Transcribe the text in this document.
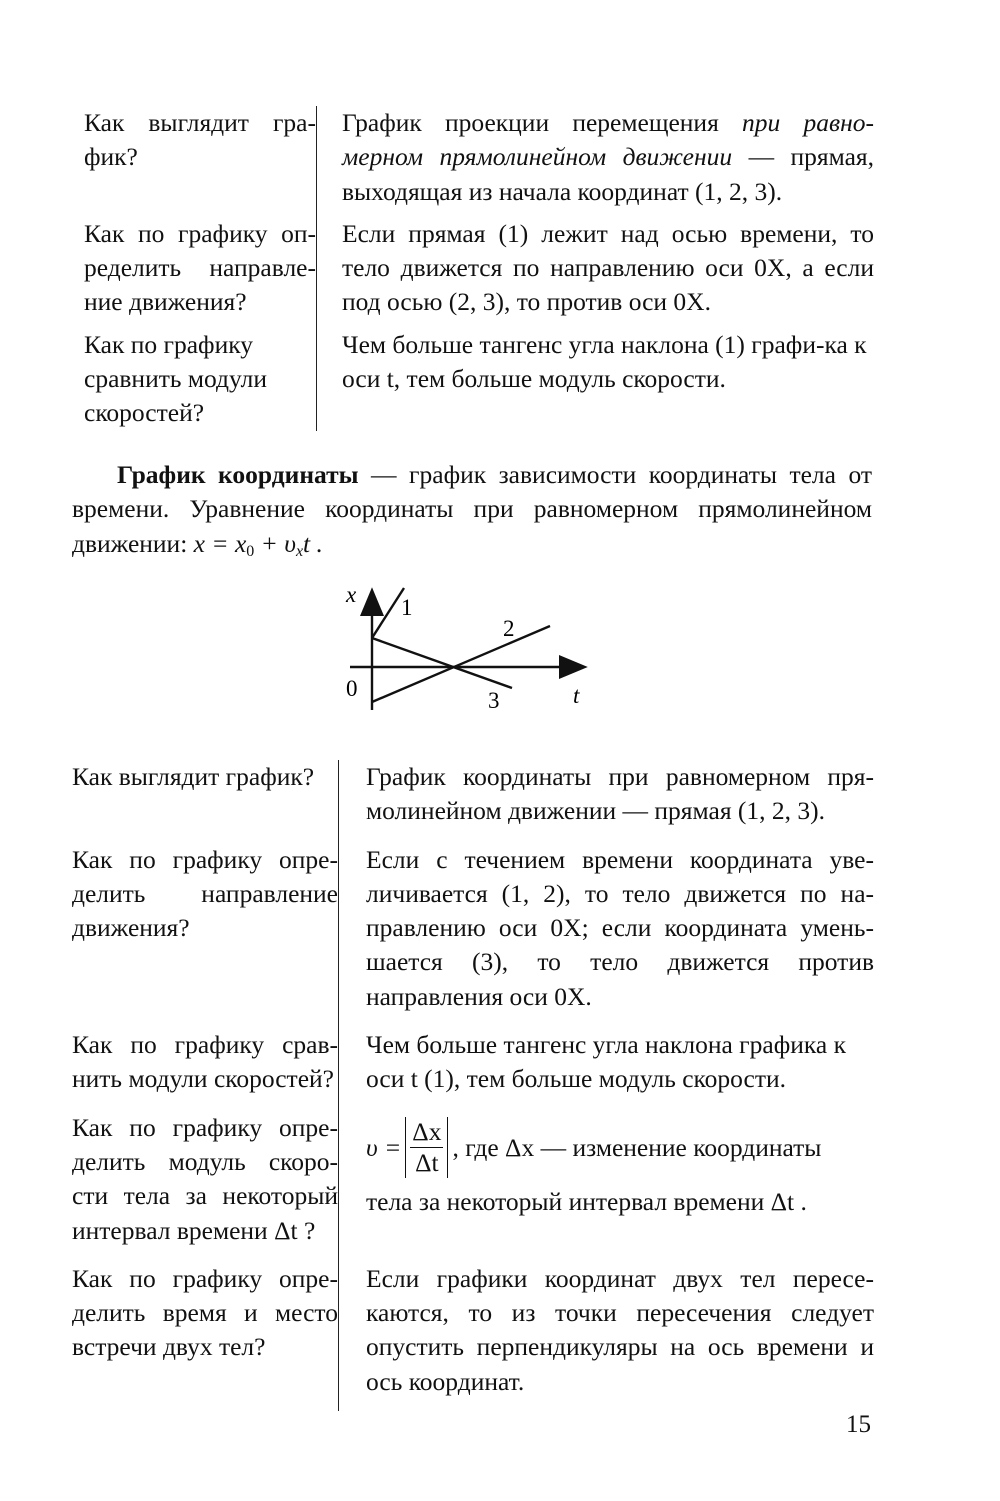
Как выглядит гра-фик?
График проекции перемещения при равно-мерном прямолинейном движении — прямая, выходящая из начала координат (1, 2, 3).
Как по графику оп-ределить направле-ние движения?
Если прямая (1) лежит над осью времени, то тело движется по направлению оси 0X, а если под осью (2, 3), то против оси 0X.
Как по графику сравнить модули скоростей?
Чем больше тангенс угла наклона (1) графи-ка к оси t, тем больше модуль скорости.
График координаты — график зависимости координаты тела от времени. Уравнение координаты при равномерном прямолинейном движении: $x = x_0 + \upsilon_xt$ .
x
0	t
1
2
3
Как выглядит график?	График координаты при равномерном пря-молинейном движении — прямая (1, 2, 3).
Как по графику опре-делить направление движения?
Если с течением времени координата уве-личивается (1, 2), то тело движется по на-правлению оси 0X; если координата умень-шается (3), то тело движется против направления оси 0X.
Как по графику срав-нить модули скоростей?
Чем больше тангенс угла наклона графика к оси t (1), тем больше модуль скорости.
Как по графику опре-делить модуль скоро-сти тела за некоторый интервал времени Δt ?
$\upsilon = \frac{\Delta x}{\Delta t}$ , где Δx — изменение координаты
тела за некоторый интервал времени Δt .
Как по графику опре-делить время и место встречи двух тел?
Если графики координат двух тел пересе-каются, то из точки пересечения следует опустить перпендикуляры на ось времени и ось координат.
15
